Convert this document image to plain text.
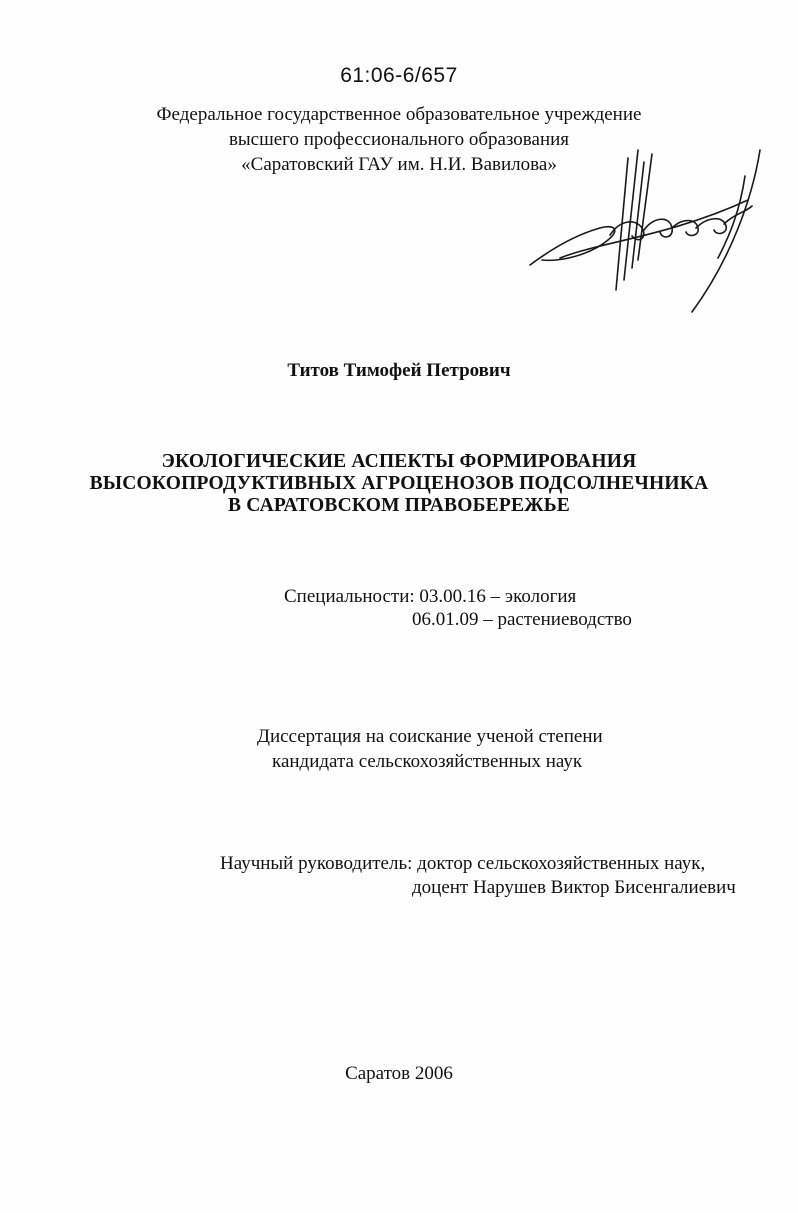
61:06-6/657
Федеральное государственное образовательное учреждение
высшего профессионального образования
«Саратовский ГАУ им. Н.И. Вавилова»
Титов Тимофей Петрович
ЭКОЛОГИЧЕСКИЕ АСПЕКТЫ ФОРМИРОВАНИЯ
ВЫСОКОПРОДУКТИВНЫХ АГРОЦЕНОЗОВ ПОДСОЛНЕЧНИКА
В САРАТОВСКОМ ПРАВОБЕРЕЖЬЕ
Специальности: 03.00.16 – экология
06.01.09 – растениеводство
Диссертация на соискание ученой степени
кандидата сельскохозяйственных наук
Научный руководитель: доктор сельскохозяйственных наук,
доцент Нарушев Виктор Бисенгалиевич
Саратов 2006
